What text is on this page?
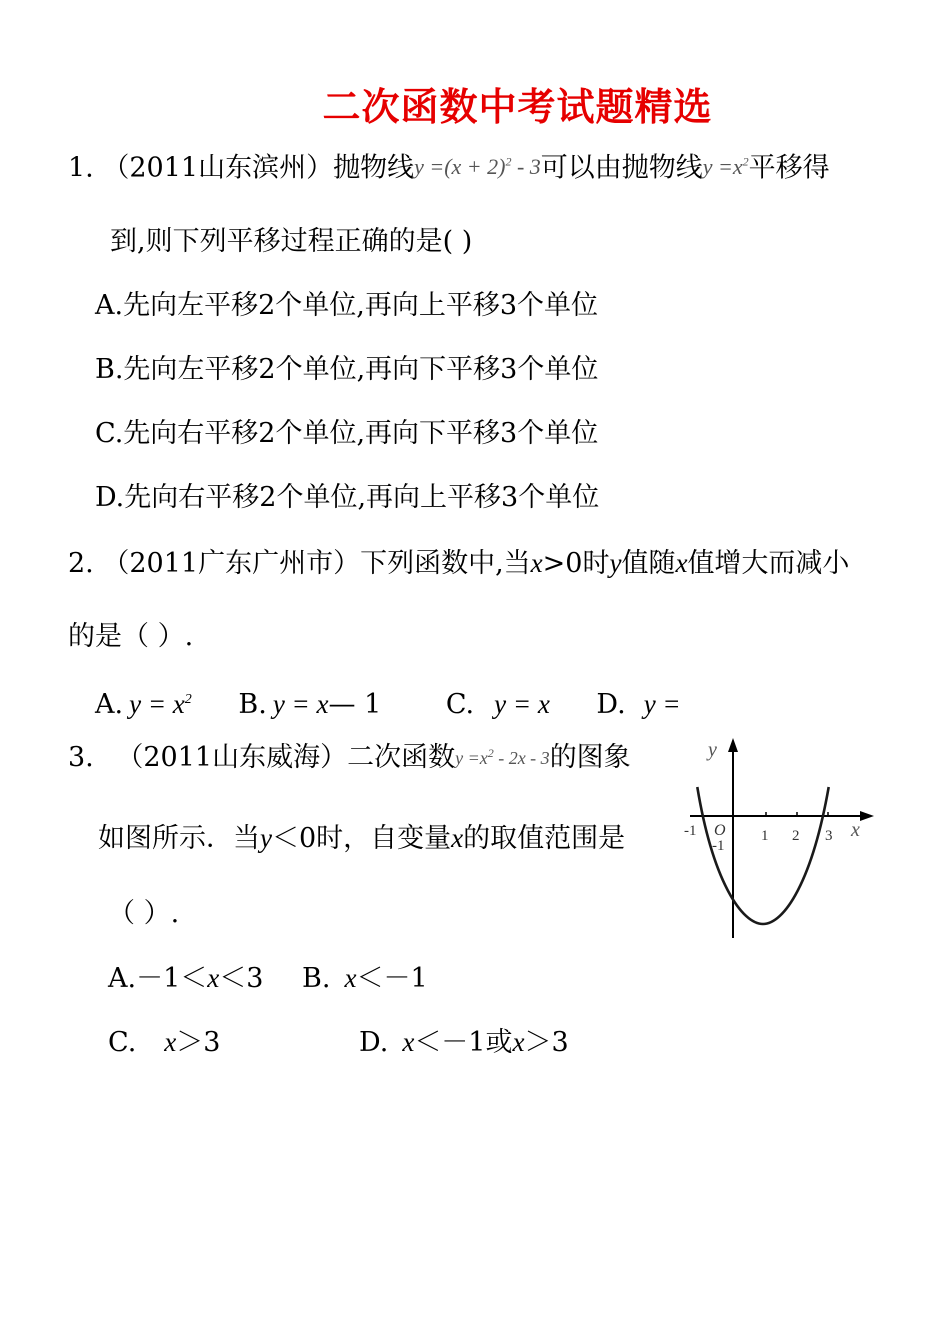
二次函数中考试题精选
1. （2011山东滨州）抛物线$y =(x + 2)^2 - 3$可以由抛物线$y =x^2$平移得
到,则下列平移过程正确的是( )
A.先向左平移2个单位,再向上平移3个单位
B.先向左平移2个单位,再向下平移3个单位
C.先向右平移2个单位,再向下平移3个单位
D.先向右平移2个单位,再向上平移3个单位
2. （2011广东广州市）下列函数中,当x>0时y值随x值增大而减小
的是（ ）.
A. $y = x^2$ B. y = x— 1 C. y = x D. y =
3. （2011山东威海）二次函数$y =x^2 - 2x - 3$的图象
如图所示．当y＜0时，自变量x的取值范围是
（ ）.
A.－1＜x＜3 B. x＜－1
C. x＞3	D. x＜－1或x＞3
y
x
O
-1
-1
1 2 3
